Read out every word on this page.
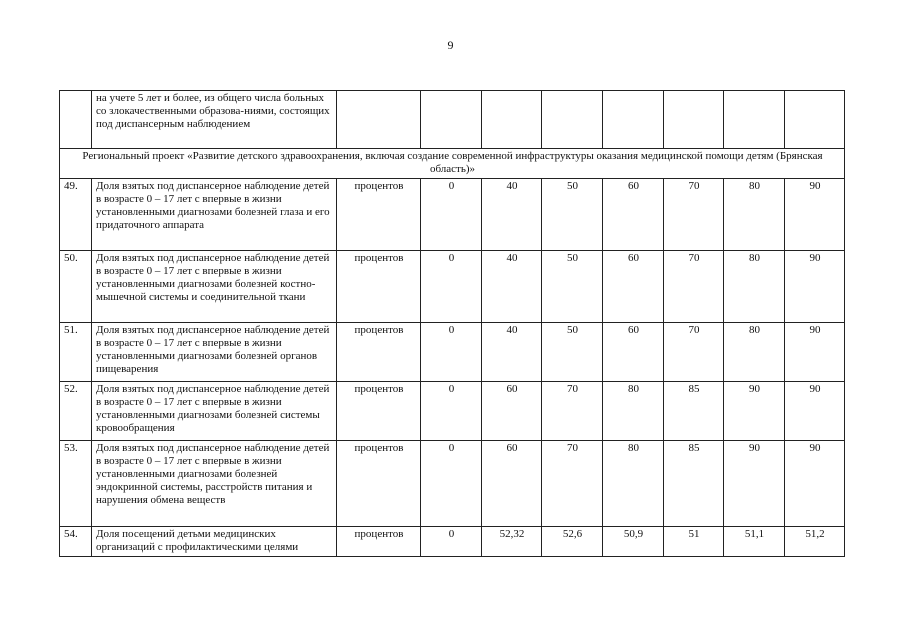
9
	на учете 5 лет и более, из общего числа больных со злокачественными образова-ниями, состоящих под диспансерным наблюдением								
Региональный проект «Развитие детского здравоохранения, включая создание современной инфраструктуры оказания медицинской помощи детям (Брянская область)»									
49.	Доля взятых под диспансерное наблюдение детей в возрасте 0 – 17 лет с впервые в жизни установленными диагнозами болезней глаза и его придаточного аппарата	процентов	0	40	50	60	70	80	90
50.	Доля взятых под диспансерное наблюдение детей в возрасте 0 – 17 лет с впервые в жизни установленными диагнозами болезней костно-мышечной системы и соединительной ткани	процентов	0	40	50	60	70	80	90
51.	Доля взятых под диспансерное наблюдение детей в возрасте 0 – 17 лет с впервые в жизни установленными диагнозами болезней органов пищеварения	процентов	0	40	50	60	70	80	90
52.	Доля взятых под диспансерное наблюдение детей в возрасте 0 – 17 лет с впервые в жизни установленными диагнозами болезней системы кровообращения	процентов	0	60	70	80	85	90	90
53.	Доля взятых под диспансерное наблюдение детей в возрасте 0 – 17 лет с впервые в жизни установленными диагнозами болезней эндокринной системы, расстройств питания и нарушения обмена веществ	процентов	0	60	70	80	85	90	90
54.	Доля посещений детьми медицинских организаций с профилактическими целями	процентов	0	52,32	52,6	50,9	51	51,1	51,2
